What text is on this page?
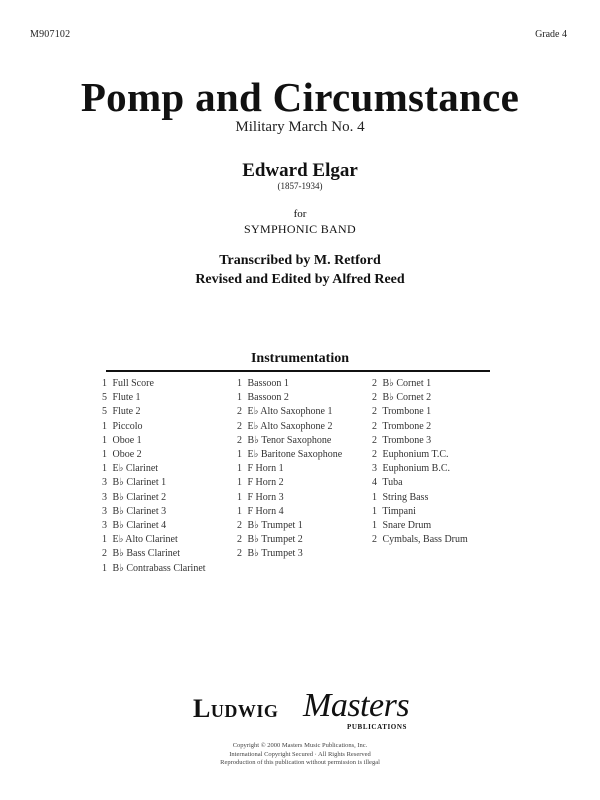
M907102	Grade 4
Pomp and Circumstance
Military March No. 4
Edward Elgar
(1857-1934)
for
SYMPHONIC BAND
Transcribed by M. Retford
Revised and Edited by Alfred Reed
Instrumentation
1 Full Score
5 Flute 1
5 Flute 2
1 Piccolo
1 Oboe 1
1 Oboe 2
1 E♭ Clarinet
3 B♭ Clarinet 1
3 B♭ Clarinet 2
3 B♭ Clarinet 3
3 B♭ Clarinet 4
1 E♭ Alto Clarinet
2 B♭ Bass Clarinet
1 B♭ Contrabass Clarinet
1 Bassoon 1
1 Bassoon 2
2 E♭ Alto Saxophone 1
2 E♭ Alto Saxophone 2
2 B♭ Tenor Saxophone
1 E♭ Baritone Saxophone
1 F Horn 1
1 F Horn 2
1 F Horn 3
1 F Horn 4
2 B♭ Trumpet 1
2 B♭ Trumpet 2
2 B♭ Trumpet 3
2 B♭ Cornet 1
2 B♭ Cornet 2
2 Trombone 1
2 Trombone 2
2 Trombone 3
2 Euphonium T.C.
3 Euphonium B.C.
4 Tuba
1 String Bass
1 Timpani
1 Snare Drum
2 Cymbals, Bass Drum
Ludwig Masters
PUBLICATIONS
Copyright © 2000 Masters Music Publications, Inc.
International Copyright Secured · All Rights Reserved
Reproduction of this publication without permission is illegal
